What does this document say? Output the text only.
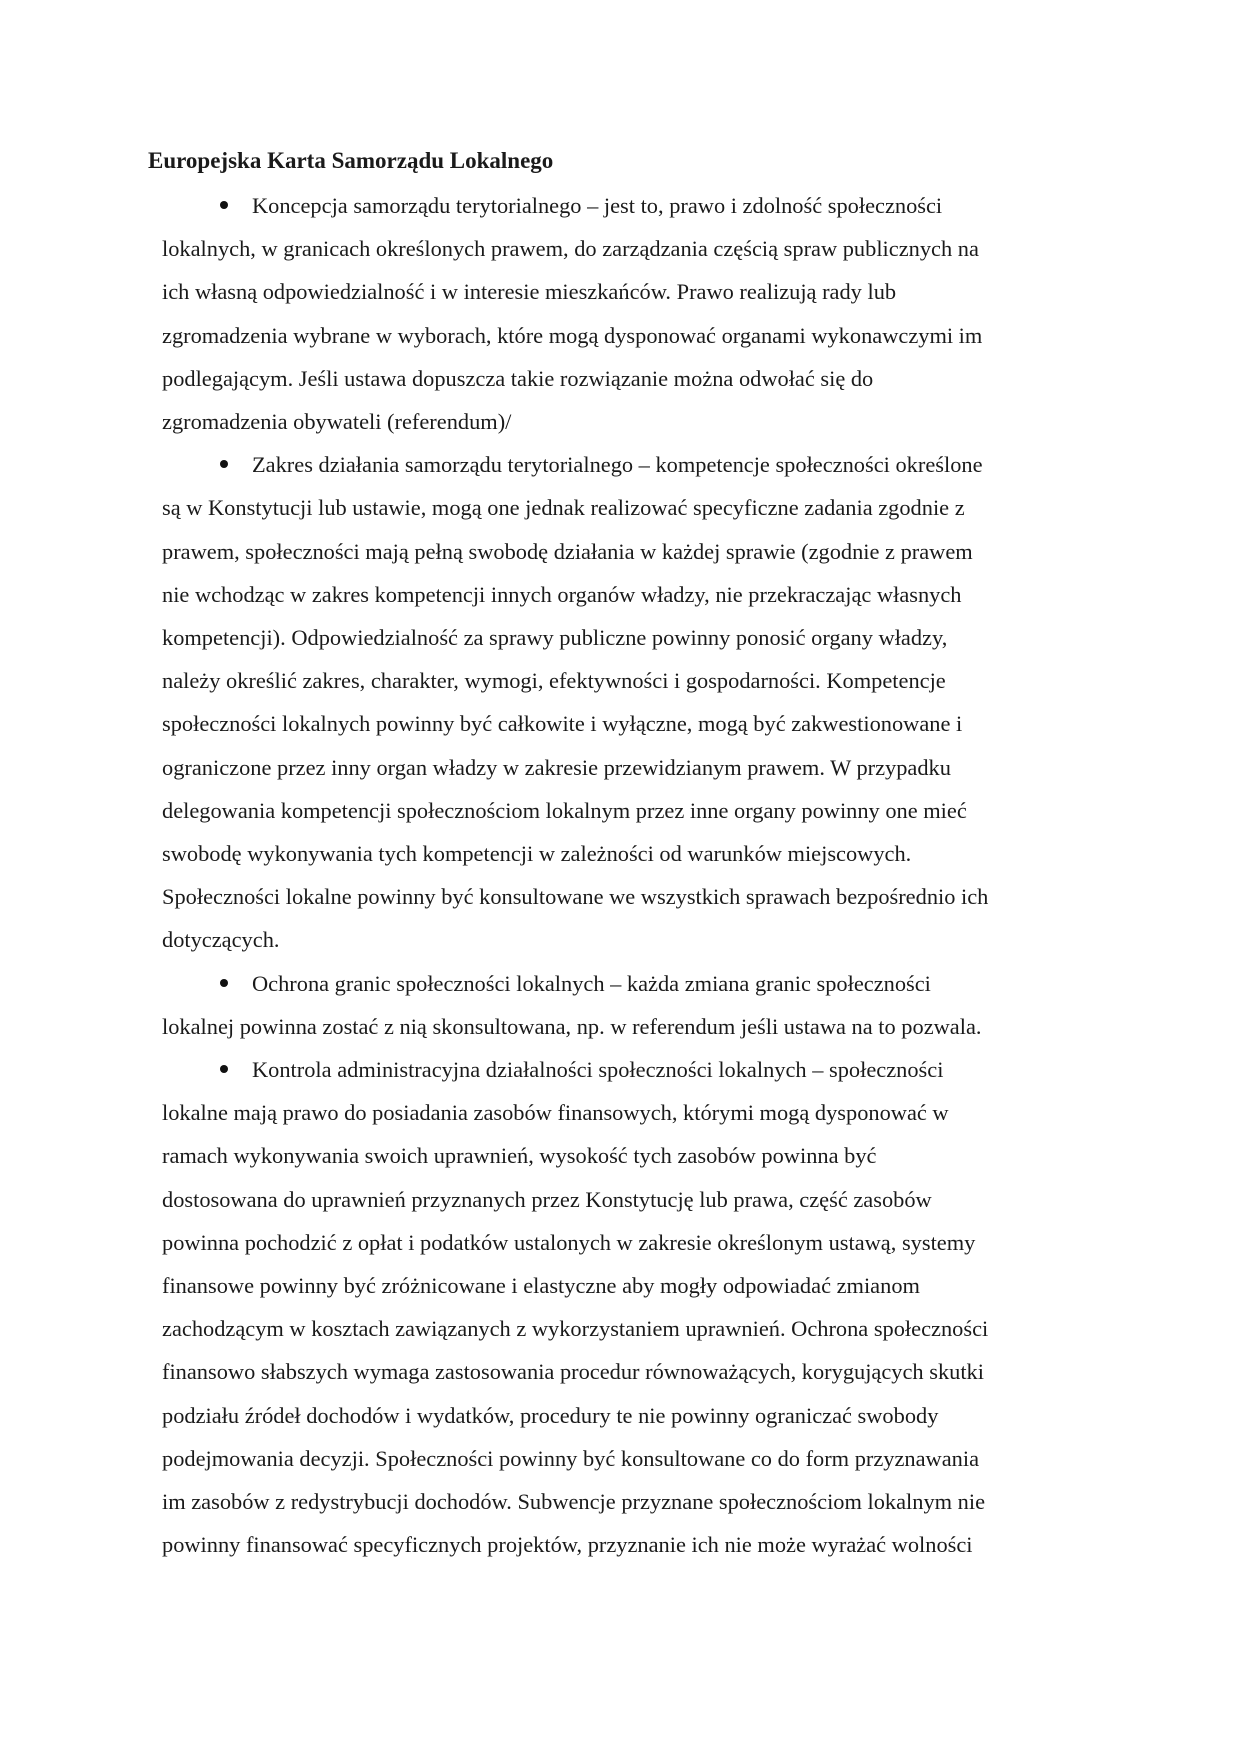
Europejska Karta Samorządu Lokalnego
Koncepcja samorządu terytorialnego – jest to, prawo i zdolność społeczności
lokalnych, w granicach określonych prawem, do zarządzania częścią spraw publicznych na
ich własną odpowiedzialność i w interesie mieszkańców. Prawo realizują rady lub
zgromadzenia wybrane w wyborach, które mogą dysponować organami wykonawczymi im
podlegającym. Jeśli ustawa dopuszcza takie rozwiązanie można odwołać się do
zgromadzenia obywateli (referendum)/
Zakres działania samorządu terytorialnego – kompetencje społeczności określone
są w Konstytucji lub ustawie, mogą one jednak realizować specyficzne zadania zgodnie z
prawem, społeczności mają pełną swobodę działania w każdej sprawie (zgodnie z prawem
nie wchodząc w zakres kompetencji innych organów władzy, nie przekraczając własnych
kompetencji). Odpowiedzialność za sprawy publiczne powinny ponosić organy władzy,
należy określić zakres, charakter, wymogi, efektywności i gospodarności. Kompetencje
społeczności lokalnych powinny być całkowite i wyłączne, mogą być zakwestionowane i
ograniczone przez inny organ władzy w zakresie przewidzianym prawem. W przypadku
delegowania kompetencji społecznościom lokalnym przez inne organy powinny one mieć
swobodę wykonywania tych kompetencji w zależności od warunków miejscowych.
Społeczności lokalne powinny być konsultowane we wszystkich sprawach bezpośrednio ich
dotyczących.
Ochrona granic społeczności lokalnych – każda zmiana granic społeczności
lokalnej powinna zostać z nią skonsultowana, np. w referendum jeśli ustawa na to pozwala.
Kontrola administracyjna działalności społeczności lokalnych – społeczności
lokalne mają prawo do posiadania zasobów finansowych, którymi mogą dysponować w
ramach wykonywania swoich uprawnień, wysokość tych zasobów powinna być
dostosowana do uprawnień przyznanych przez Konstytucję lub prawa, część zasobów
powinna pochodzić z opłat i podatków ustalonych w zakresie określonym ustawą, systemy
finansowe powinny być zróżnicowane i elastyczne aby mogły odpowiadać zmianom
zachodzącym w kosztach zawiązanych z wykorzystaniem uprawnień. Ochrona społeczności
finansowo słabszych wymaga zastosowania procedur równoważących, korygujących skutki
podziału źródeł dochodów i wydatków, procedury te nie powinny ograniczać swobody
podejmowania decyzji. Społeczności powinny być konsultowane co do form przyznawania
im zasobów z redystrybucji dochodów. Subwencje przyznane społecznościom lokalnym nie
powinny finansować specyficznych projektów, przyznanie ich nie może wyrażać wolności
